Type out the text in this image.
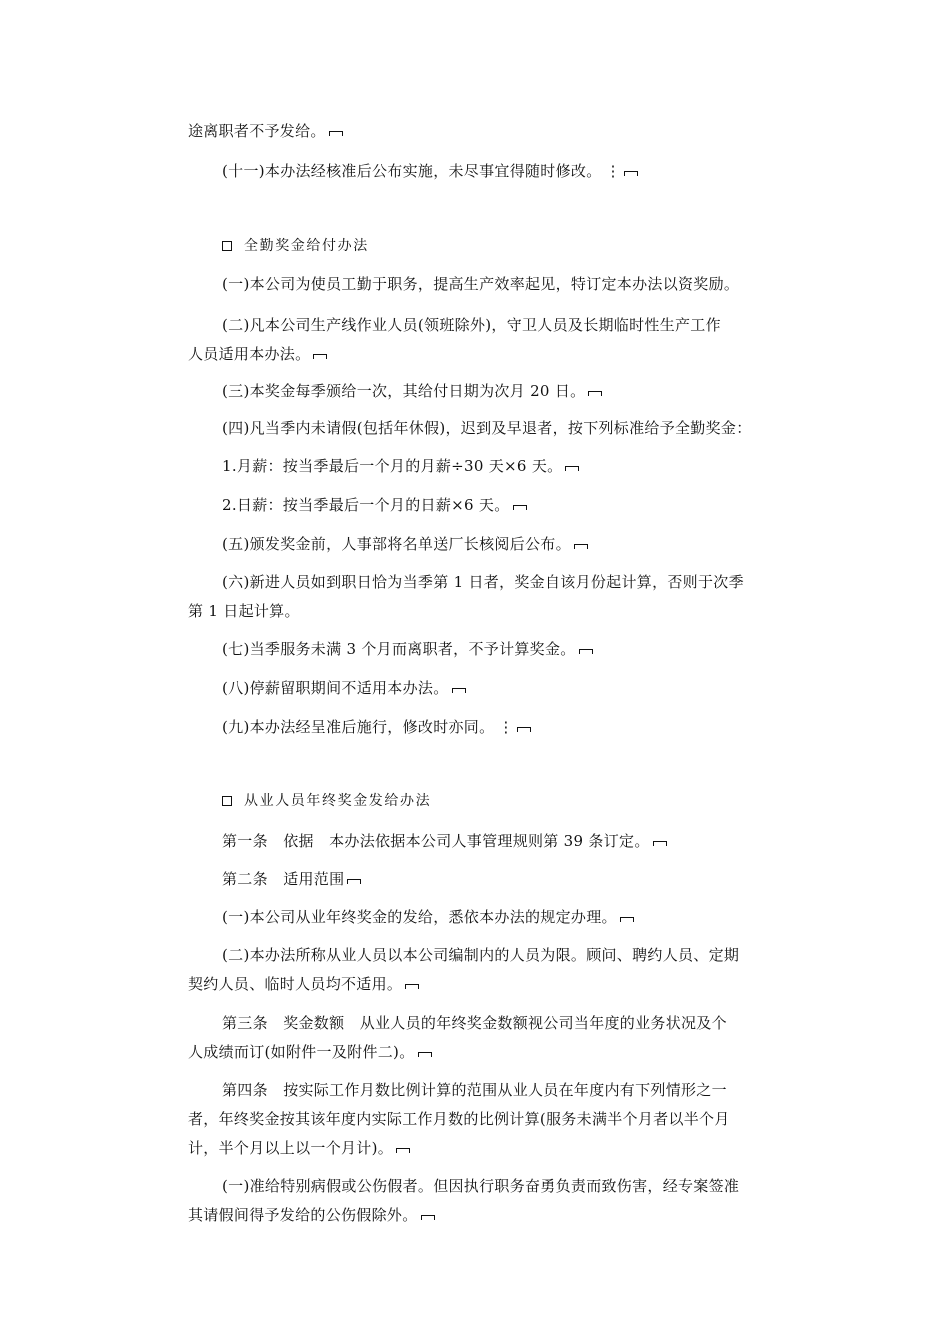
途离职者不予发给。
(十一)本办法经核准后公布实施，未尽事宜得随时修改。 ⋮
全勤奖金给付办法
(一)本公司为使员工勤于职务，提高生产效率起见，特订定本办法以资奖励。
(二)凡本公司生产线作业人员(领班除外)，守卫人员及长期临时性生产工作
人员适用本办法。
(三)本奖金每季颁给一次，其给付日期为次月 20 日。
(四)凡当季内未请假(包括年休假)，迟到及早退者，按下列标准给予全勤奖金：
1.月薪：按当季最后一个月的月薪÷30 天×6 天。
2.日薪：按当季最后一个月的日薪×6 天。
(五)颁发奖金前，人事部将名单送厂长核阅后公布。
(六)新进人员如到职日恰为当季第 1 日者，奖金自该月份起计算，否则于次季
第 1 日起计算。
(七)当季服务未满 3 个月而离职者，不予计算奖金。
(八)停薪留职期间不适用本办法。
(九)本办法经呈准后施行，修改时亦同。 ⋮
从业人员年终奖金发给办法
第一条　依据　本办法依据本公司人事管理规则第 39 条订定。
第二条　适用范围
(一)本公司从业年终奖金的发给，悉依本办法的规定办理。
(二)本办法所称从业人员以本公司编制内的人员为限。顾问、聘约人员、定期
契约人员、临时人员均不适用。
第三条　奖金数额　从业人员的年终奖金数额视公司当年度的业务状况及个
人成绩而订(如附件一及附件二)。
第四条　按实际工作月数比例计算的范围从业人员在年度内有下列情形之一
者，年终奖金按其该年度内实际工作月数的比例计算(服务未满半个月者以半个月
计，半个月以上以一个月计)。
(一)准给特别病假或公伤假者。但因执行职务奋勇负责而致伤害，经专案签准
其请假间得予发给的公伤假除外。
